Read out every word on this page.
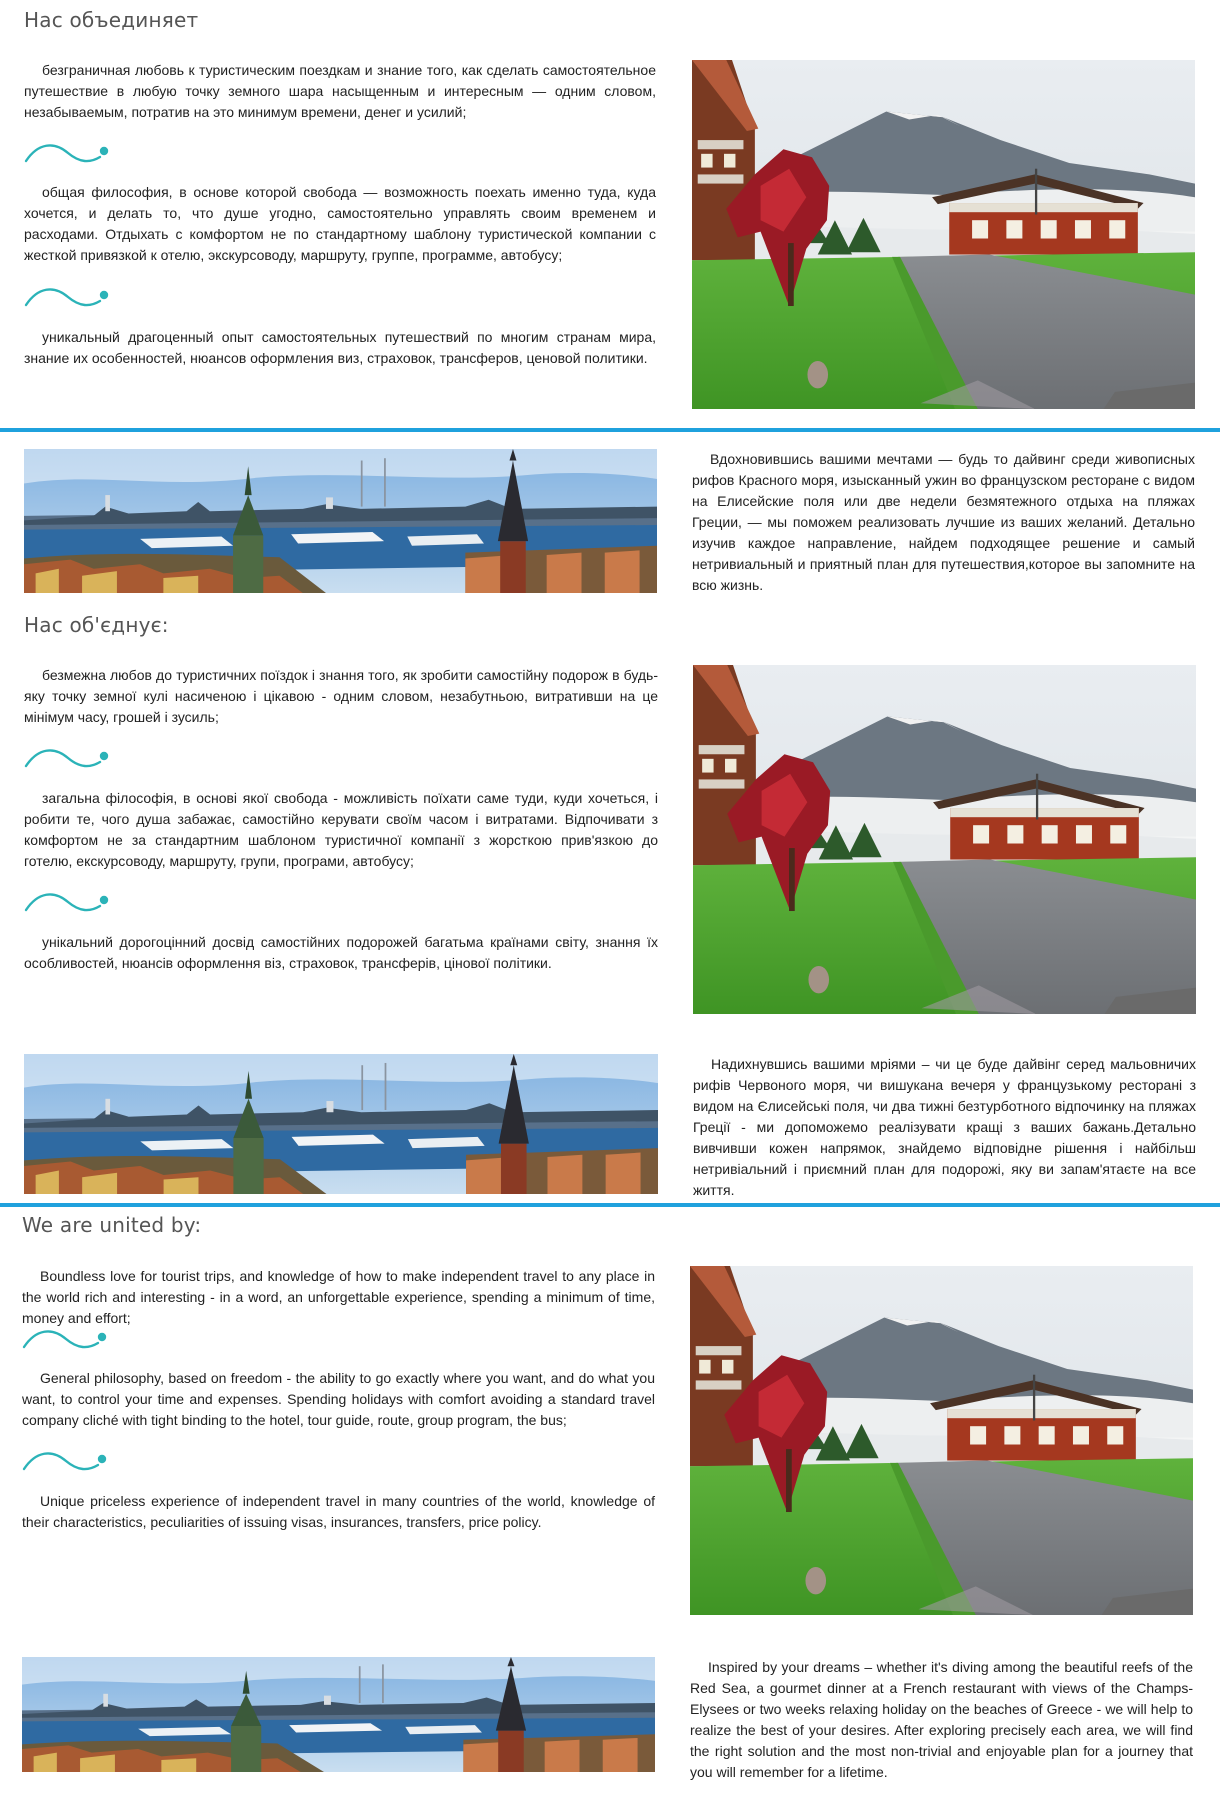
Нас объединяет
безграничная любовь к туристическим поездкам и знание того, как сделать самостоятельное путешествие в любую точку земного шара насыщенным и интересным — одним словом, незабываемым, потратив на это минимум времени, денег и усилий;
общая философия, в основе которой свобода — возможность поехать именно туда, куда хочется, и делать то, что душе угодно, самостоятельно управлять своим временем и расходами. Отдыхать с комфортом не по стандартному шаблону туристической компании с жесткой привязкой к отелю, экскурсоводу, маршруту, группе, программе, автобусу;
уникальный драгоценный опыт самостоятельных путешествий по многим странам мира, знание их особенностей, нюансов оформления виз, страховок, трансферов, ценовой политики.
Вдохновившись вашими мечтами — будь то дайвинг среди живописных рифов Красного моря, изысканный ужин во французском ресторане с видом на Елисейские поля или две недели безмятежного отдыха на пляжах Греции, — мы поможем реализовать лучшие из ваших желаний. Детально изучив каждое направление, найдем подходящее решение и самый нетривиальный и приятный план для путешествия,которое вы запомните на всю жизнь.
Нас об'єднує:
безмежна любов до туристичних поїздок і знання того, як зробити самостійну подорож в будь-яку точку земної кулі насиченою і цікавою - одним словом, незабутньою, витративши на це мінімум часу, грошей і зусиль;
загальна філософія, в основі якої свобода - можливість поїхати саме туди, куди хочеться, і робити те, чого душа забажає, самостійно керувати своїм часом і витратами. Відпочивати з комфортом не за стандартним шаблоном туристичної компанії з жорсткою прив'язкою до готелю, екскурсоводу, маршруту, групи, програми, автобусу;
унікальний дорогоцінний досвід самостійних подорожей багатьма країнами світу, знання їх особливостей, нюансів оформлення віз, страховок, трансферів, цінової політики.
Надихнувшись вашими мріями – чи це буде дайвінг серед мальовничих рифів Червоного моря, чи вишукана вечеря у французькому ресторані з видом на Єлисейські поля, чи два тижні безтурботного відпочинку на пляжах Греції - ми допоможемо реалізувати кращі з ваших бажань.Детально вивчивши кожен напрямок, знайдемо відповідне рішення і найбільш нетривіальний і приємний план для подорожі, яку ви запам'ятаєте на все життя.
We are united by:
Boundless love for tourist trips, and knowledge of how to make independent travel to any place in the world rich and interesting - in a word, an unforgettable experience, spending a minimum of time, money and effort;
General philosophy, based on freedom - the ability to go exactly where you want, and do what you want, to control your time and expenses. Spending holidays with comfort avoiding a standard travel company cliché with tight binding to the hotel, tour guide, route, group program, the bus;
Unique priceless experience of independent travel in many countries of the world, knowledge of their characteristics, peculiarities of issuing visas, insurances, transfers, price policy.
Inspired by your dreams – whether it's diving among the beautiful reefs of the Red Sea, a gourmet dinner at a French restaurant with views of the Champs-Elysees or two weeks relaxing holiday on the beaches of Greece - we will help to realize the best of your desires. After exploring precisely each area, we will find the right solution and the most non-trivial and enjoyable plan for a journey that you will remember for a lifetime.
